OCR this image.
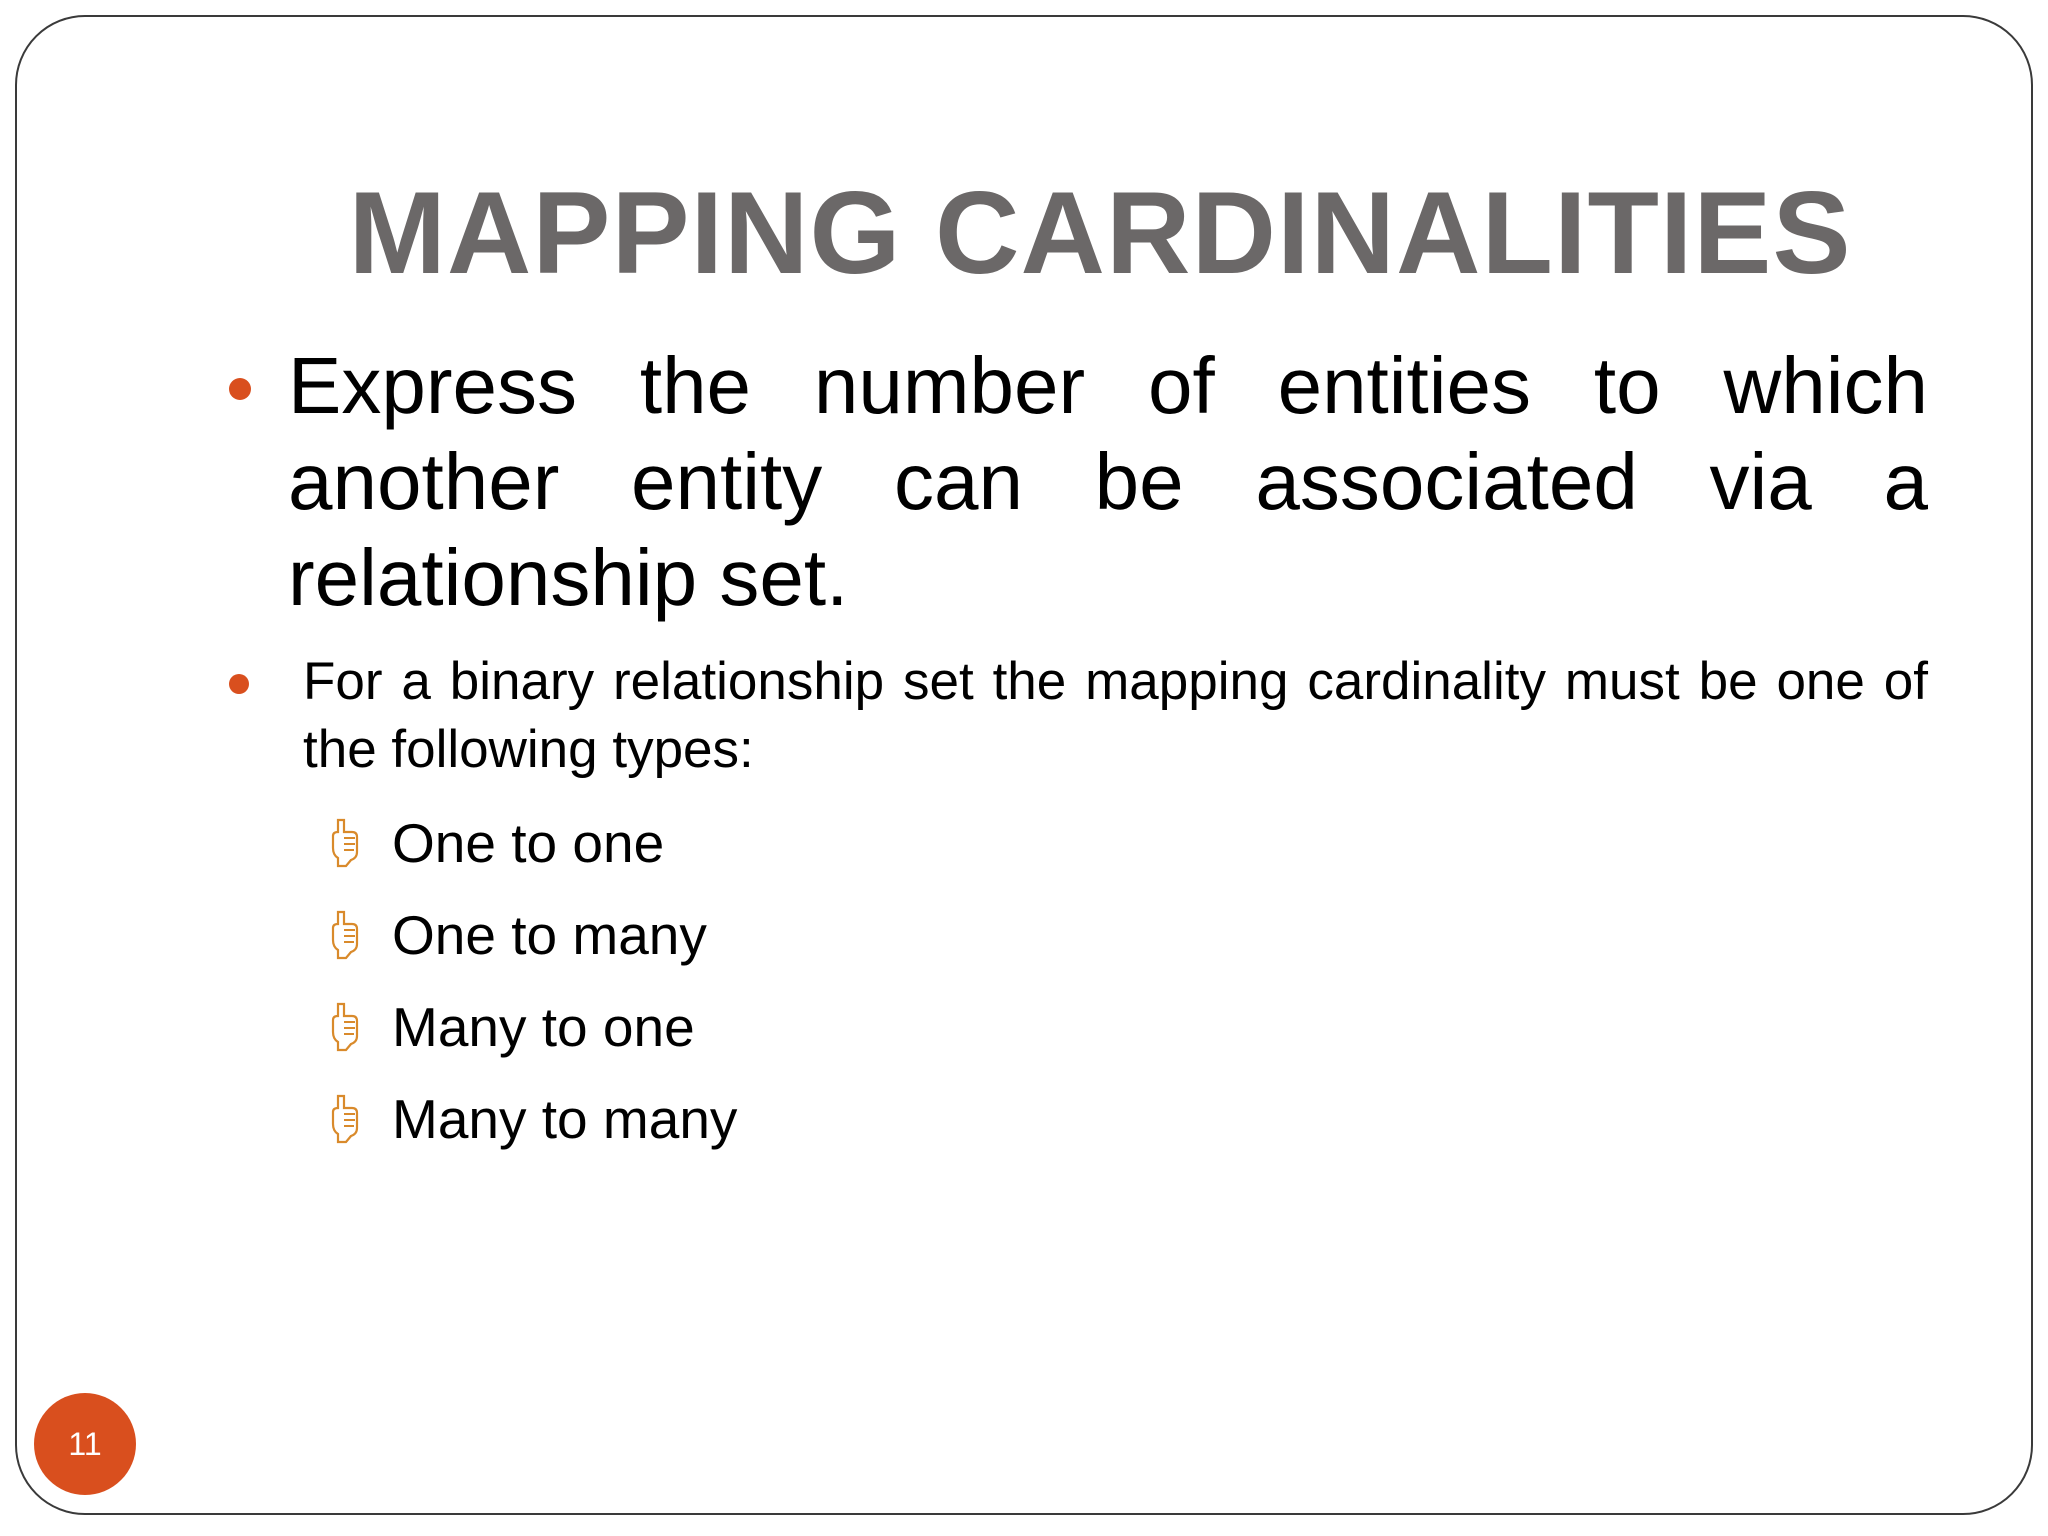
MAPPING CARDINALITIES
Express the number of entities to which another entity can be associated via a relationship set.
For a binary relationship set the mapping cardinality must be one of the following types:
One to one
One to many
Many to one
Many to many
11
